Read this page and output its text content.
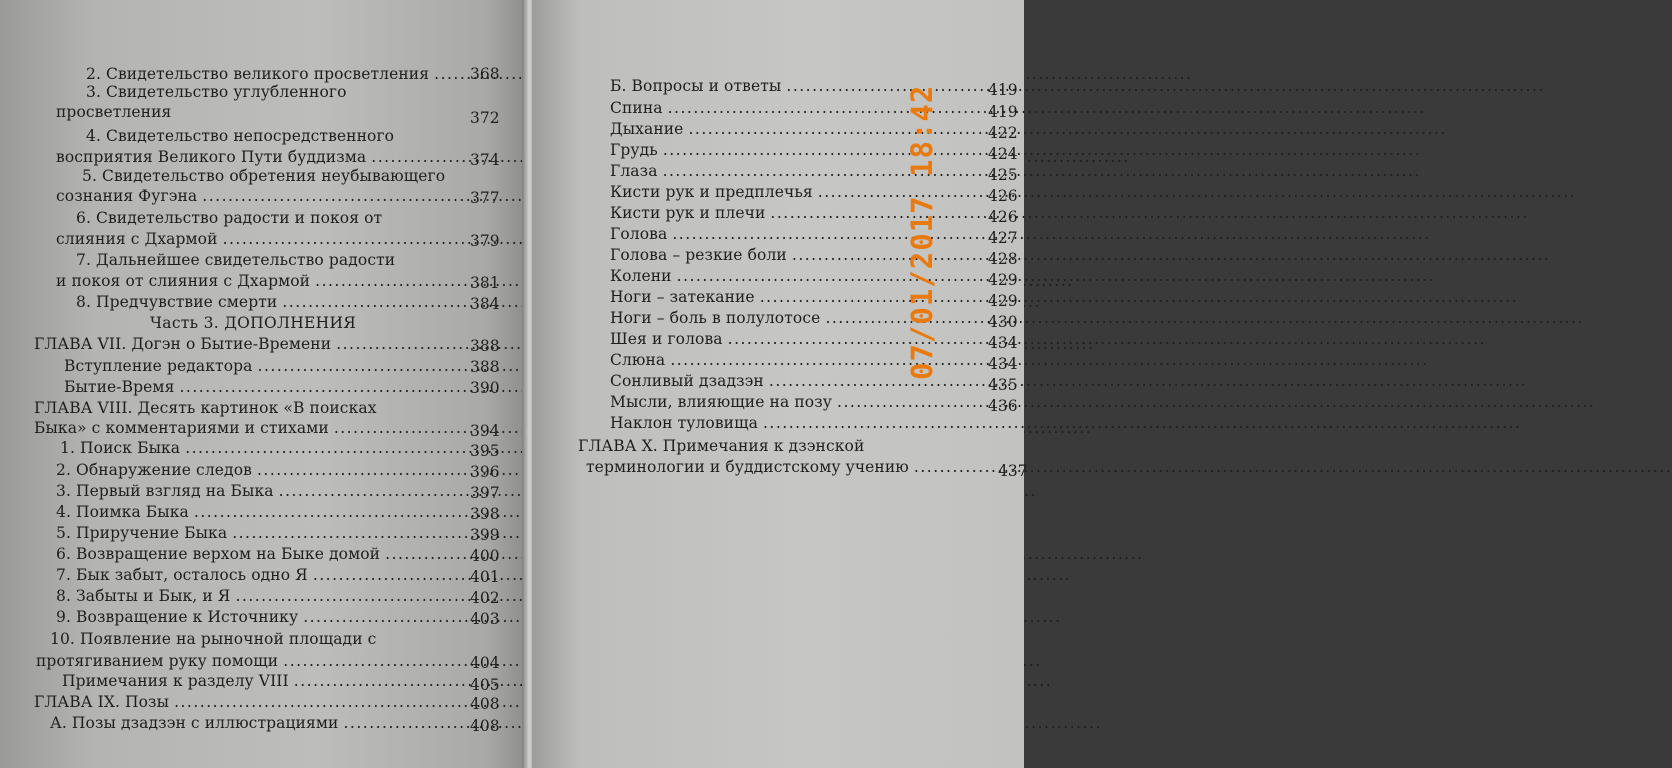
2. Свидетельство великого просветления .....	368
3. Свидетельство углубленного
просветления	372
4. Свидетельство непосредственного
восприятия Великого Пути буддизма .....	374
5. Свидетельство обретения неубывающего
сознания Фугэна .....	377
6. Свидетельство радости и покоя от
слияния с Дхармой .....	379
7. Дальнейшее свидетельство радости
и покоя от слияния с Дхармой .....	381
8. Предчувствие смерти .....	384
Часть 3. ДОПОЛНЕНИЯ
ГЛАВА VII. Догэн о Бытие-Времени .....	388
Вступление редактора .....	388
Бытие-Время .....	390
ГЛАВА VIII. Десять картинок «В поисках
Быка» с комментариями и стихами .....	394
1. Поиск Быка .....	395
2. Обнаружение следов .....	396
3. Первый взгляд на Быка .....	397
4. Поимка Быка .....	398
5. Приручение Быка .....	399
6. Возвращение верхом на Быке домой .....	400
7. Бык забыт, осталось одно Я .....	401
8. Забыты и Бык, и Я .....	402
9. Возвращение к Источнику .....	403
10. Появление на рыночной площади с
протягиванием руку помощи .....	404
Примечания к разделу VIII .....	405
ГЛАВА IX. Позы .....	408
А. Позы дзадзэн с иллюстрациями .....	408
Б. Вопросы и ответы .....	419
Спина .....	419
Дыхание .....	422
Грудь .....	424
Глаза .....	425
Кисти рук и предплечья .....	426
Кисти рук и плечи .....	426
Голова .....	427
Голова – резкие боли .....	428
Колени .....	429
Ноги – затекание .....	429
Ноги – боль в полулотосе .....	430
Шея и голова .....	434
Слюна .....	434
Сонливый дзадзэн .....	435
Мысли, влияющие на позу .....	436
Наклон туловища .....
ГЛАВА X. Примечания к дзэнской
терминологии и буддистскому учению .....	437
